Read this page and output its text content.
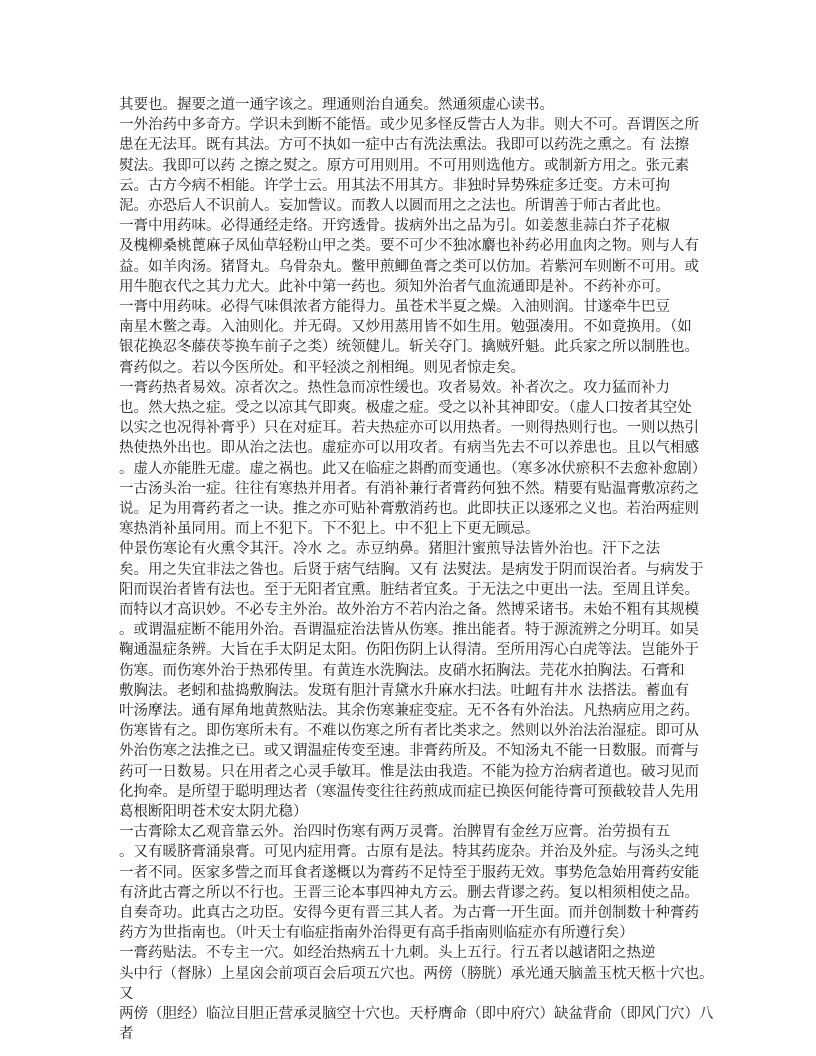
其要也。握要之道一通字该之。理通则治自通矣。然通须虚心读书。
一外治药中多奇方。学识未到断不能悟。或少见多怪反訾古人为非。则大不可。吾谓医之所
患在无法耳。既有其法。方可不执如一症中古有洗法熏法。我即可以药洗之熏之。有 法擦
熨法。我即可以药 之擦之熨之。原方可用则用。不可用则选他方。或制新方用之。张元素
云。古方今病不相能。许学士云。用其法不用其方。非独时异势殊症多迁变。方未可拘
泥。亦恐后人不识前人。妄加訾议。而教人以圆而用之之法也。所谓善于师古者此也。
一膏中用药味。必得通经走络。开窍透骨。拔病外出之品为引。如姜葱韭蒜白芥子花椒
及槐柳桑桃蓖麻子凤仙草轻粉山甲之类。要不可少不独冰麝也补药必用血肉之物。则与人有
益。如羊肉汤。猪肾丸。乌骨杂丸。鳖甲煎鲫鱼膏之类可以仿加。若紫河车则断不可用。或
用牛胞衣代之其力尤大。此补中第一药也。须知外治者气血流通即是补。不药补亦可。
一膏中用药味。必得气味俱浓者方能得力。虽苍术半夏之燥。入油则润。甘遂牵牛巴豆
南星木鳖之毒。入油则化。并无碍。又炒用蒸用皆不如生用。勉强凑用。不如竟换用。（如
银花换忍冬藤茯苓换车前子之类）统领健儿。斩关夺门。擒贼歼魁。此兵家之所以制胜也。
膏药似之。若以今医所处。和平轻淡之剂相绳。则见者惊走矣。
一膏药热者易效。凉者次之。热性急而凉性缓也。攻者易效。补者次之。攻力猛而补力
也。然大热之症。受之以凉其气即爽。极虚之症。受之以补其神即安。（虚人口按者其空处
以实之也况得补膏乎）只在对症耳。若夫热症亦可以用热者。一则得热则行也。一则以热引
热使热外出也。即从治之法也。虚症亦可以用攻者。有病当先去不可以养患也。且以气相感
。虚人亦能胜无虚。虚之祸也。此又在临症之斟酌而变通也。（寒多冰伏瘀积不去愈补愈剧）
一古汤头治一症。往往有寒热并用者。有消补兼行者膏药何独不然。精要有贴温膏敷凉药之
说。足为用膏药者之一诀。推之亦可贴补膏敷消药也。此即扶正以逐邪之义也。若治两症则
寒热消补虽同用。而上不犯下。下不犯上。中不犯上下更无顾忌。
仲景伤寒论有火熏令其汗。冷水 之。赤豆纳鼻。猪胆汁蜜煎导法皆外治也。汗下之法
矣。用之失宜非法之咎也。后贤于痞气结胸。又有 法熨法。是病发于阴而误治者。与病发于
阳而误治者皆有法也。至于无阳者宜熏。脏结者宜炙。于无法之中更出一法。至周且详矣。
而特以才高识妙。不必专主外治。故外治方不若内治之备。然博采诸书。未始不粗有其规模
。或谓温症断不能用外治。吾谓温症治法皆从伤寒。推出能者。特于源流辨之分明耳。如吴
鞠通温症条辨。大旨在手太阴足太阳。伤阳伤阴上认得清。至所用泻心白虎等法。岂能外于
伤寒。而伤寒外治于热邪传里。有黄连水洗胸法。皮硝水拓胸法。芫花水拍胸法。石膏和
敷胸法。老蚓和盐捣敷胸法。发斑有胆汁青黛水升麻水扫法。吐衄有井水 法搭法。蓄血有
叶汤摩法。通有犀角地黄熬贴法。其余伤寒兼症变症。无不各有外治法。凡热病应用之药。
伤寒皆有之。即伤寒所未有。不难以伤寒之所有者比类求之。然则以外治法治湿症。即可从
外治伤寒之法推之已。或又谓温症传变至速。非膏药所及。不知汤丸不能一日数服。而膏与
药可一日数易。只在用者之心灵手敏耳。惟是法由我造。不能为捡方治病者道也。破习见而
化拘牵。是所望于聪明理达者（寒温传变往往药煎成而症已换医何能待膏可预截较昔人先用
葛根断阳明苍术安太阴尤稳）
一古膏除太乙观音靠云外。治四时伤寒有两万灵膏。治脾胃有金丝万应膏。治劳损有五
。又有暖脐膏涌泉膏。可见内症用膏。古原有是法。特其药庞杂。并治及外症。与汤头之纯
一者不同。医家多訾之而耳食者遂概以为膏药不足恃至于服药无效。事势危急始用膏药安能
有济此古膏之所以不行也。王晋三论本事四神丸方云。删去背谬之药。复以相须相使之品。
自奏奇功。此真古之功臣。安得今更有晋三其人者。为古膏一开生面。而并创制数十种膏药
药方为世指南也。（叶天士有临症指南外治得更有高手指南则临症亦有所遵行矣）
一膏药贴法。不专主一穴。如经治热病五十九刺。头上五行。行五者以越诸阳之热逆
头中行（督脉）上星囟会前项百会后项五穴也。两傍（膀胱）承光通天脑盖玉枕天柩十穴也。
又
两傍（胆经）临泣目胆正营承灵脑空十穴也。天杼膺命（即中府穴）缺盆背俞（即风门穴）八
者
